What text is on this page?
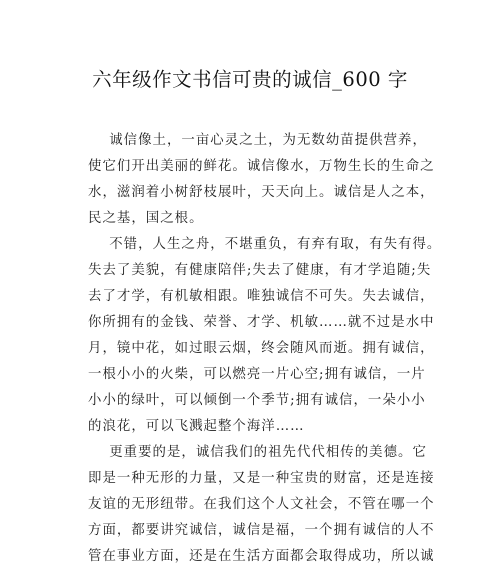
六年级作文书信可贵的诚信_600 字
诚信像土，一亩心灵之土，为无数幼苗提供营养，
使它们开出美丽的鲜花。诚信像水，万物生长的生命之
水，滋润着小树舒枝展叶，天天向上。诚信是人之本，
民之基，国之根。
不错，人生之舟，不堪重负，有弃有取，有失有得。
失去了美貌，有健康陪伴;失去了健康，有才学追随;失
去了才学，有机敏相跟。唯独诚信不可失。失去诚信，
你所拥有的金钱、荣誉、才学、机敏……就不过是水中
月，镜中花，如过眼云烟，终会随风而逝。拥有诚信，
一根小小的火柴，可以燃亮一片心空;拥有诚信，一片
小小的绿叶，可以倾倒一个季节;拥有诚信，一朵小小
的浪花，可以飞溅起整个海洋……
更重要的是，诚信我们的祖先代代相传的美德。它
即是一种无形的力量，又是一种宝贵的财富，还是连接
友谊的无形纽带。在我们这个人文社会，不管在哪一个
方面，都要讲究诚信，诚信是福，一个拥有诚信的人不
管在事业方面，还是在生活方面都会取得成功，所以诚
